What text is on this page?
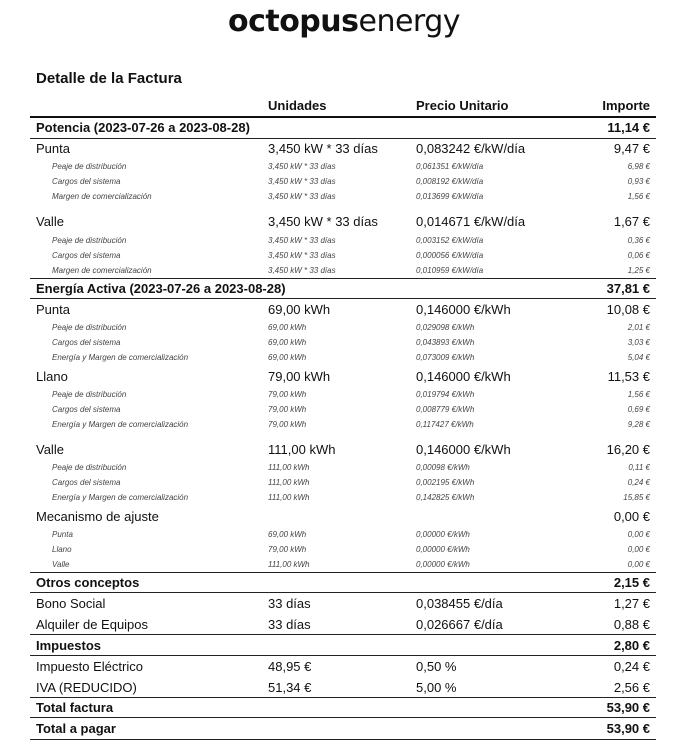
octopusenergy
Detalle de la Factura
Unidades	Precio Unitario	Importe
Potencia (2023-07-26 a 2023-08-28)	11,14 €
Punta	3,450 kW * 33 días	0,083242 €/kW/día	9,47 €
Peaje de distribución	3,450 kW * 33 días	0,061351 €/kW/día	6,98 €
Cargos del sistema	3,450 kW * 33 días	0,008192 €/kW/día	0,93 €
Margen de comercialización	3,450 kW * 33 días	0,013699 €/kW/día	1,56 €
Valle	3,450 kW * 33 días	0,014671 €/kW/día	1,67 €
Peaje de distribución	3,450 kW * 33 días	0,003152 €/kW/día	0,36 €
Cargos del sistema	3,450 kW * 33 días	0,000056 €/kW/día	0,06 €
Margen de comercialización	3,450 kW * 33 días	0,010959 €/kW/día	1,25 €
Energía Activa (2023-07-26 a 2023-08-28)	37,81 €
Punta	69,00 kWh	0,146000 €/kWh	10,08 €
Peaje de distribución	69,00 kWh	0,029098 €/kWh	2,01 €
Cargos del sistema	69,00 kWh	0,043893 €/kWh	3,03 €
Energía y Margen de comercialización	69,00 kWh	0,073009 €/kWh	5,04 €
Llano	79,00 kWh	0,146000 €/kWh	11,53 €
Peaje de distribución	79,00 kWh	0,019794 €/kWh	1,56 €
Cargos del sistema	79,00 kWh	0,008779 €/kWh	0,69 €
Energía y Margen de comercialización	79,00 kWh	0,117427 €/kWh	9,28 €
Valle	111,00 kWh	0,146000 €/kWh	16,20 €
Peaje de distribución	111,00 kWh	0,00098 €/kWh	0,11 €
Cargos del sistema	111,00 kWh	0,002195 €/kWh	0,24 €
Energía y Margen de comercialización	111,00 kWh	0,142825 €/kWh	15,85 €
Mecanismo de ajuste	0,00 €
Punta	69,00 kWh	0,00000 €/kWh	0,00 €
Llano	79,00 kWh	0,00000 €/kWh	0,00 €
Valle	111,00 kWh	0,00000 €/kWh	0,00 €
Otros conceptos	2,15 €
Bono Social	33 días	0,038455 €/día	1,27 €
Alquiler de Equipos	33 días	0,026667 €/día	0,88 €
Impuestos	2,80 €
Impuesto Eléctrico	48,95 €	0,50 %	0,24 €
IVA (REDUCIDO)	51,34 €	5,00 %	2,56 €
Total factura	53,90 €
Total a pagar	53,90 €
